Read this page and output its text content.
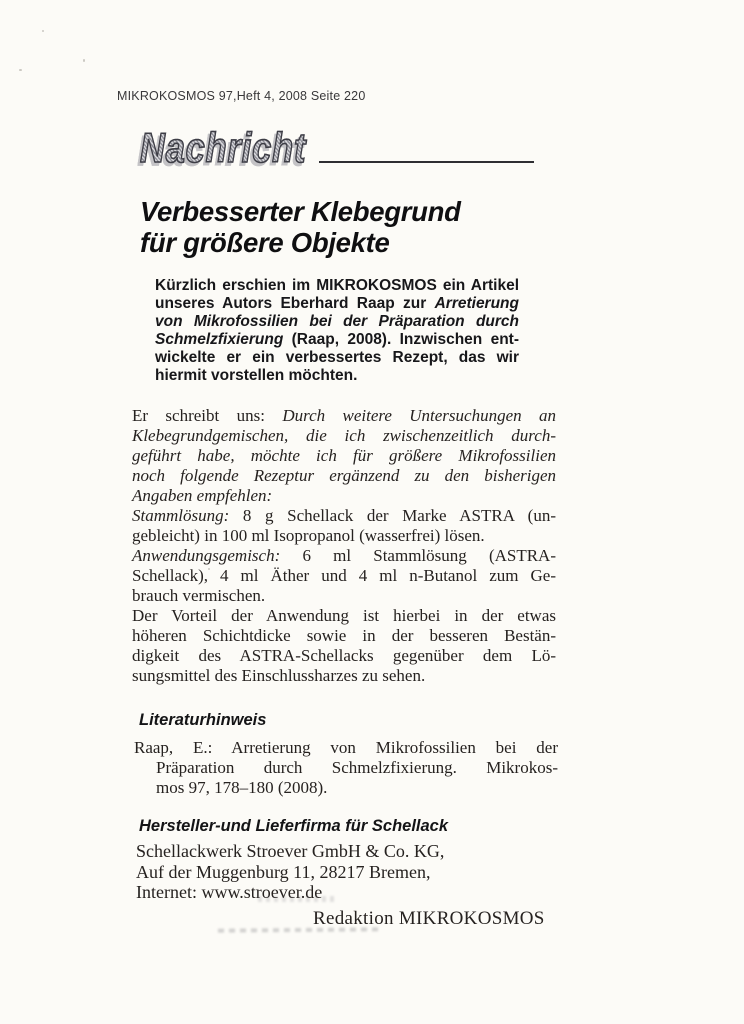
MIKROKOSMOS 97,Heft 4, 2008 Seite 220
Nachricht
Verbesserter Klebegrund
für größere Objekte
Kürzlich erschien im MIKROKOSMOS ein Artikel
unseres Autors Eberhard Raap zur Arretierung
von Mikrofossilien bei der Präparation durch
Schmelzfixierung (Raap, 2008). Inzwischen ent-
wickelte er ein verbessertes Rezept, das wir
hiermit vorstellen möchten.
Er schreibt uns: Durch weitere Untersuchungen an
Klebegrundgemischen, die ich zwischenzeitlich durch-
geführt habe, möchte ich für größere Mikrofossilien
noch folgende Rezeptur ergänzend zu den bisherigen
Angaben empfehlen:
Stammlösung: 8 g Schellack der Marke ASTRA (un-
gebleicht) in 100 ml Isopropanol (wasserfrei) lösen.
Anwendungsgemisch: 6 ml Stammlösung (ASTRA-
Schellack), 4 ml Äther und 4 ml n-Butanol zum Ge-
brauch vermischen.
Der Vorteil der Anwendung ist hierbei in der etwas
höheren Schichtdicke sowie in der besseren Bestän-
digkeit des ASTRA-Schellacks gegenüber dem Lö-
sungsmittel des Einschlussharzes zu sehen.
Literaturhinweis
Raap, E.: Arretierung von Mikrofossilien bei der
Präparation durch Schmelzfixierung. Mikrokos-
mos 97, 178–180 (2008).
Hersteller-und Lieferfirma für Schellack
Schellackwerk Stroever GmbH & Co. KG,
Auf der Muggenburg 11, 28217 Bremen,
Internet: www.stroever.de
Redaktion MIKROKOSMOS
